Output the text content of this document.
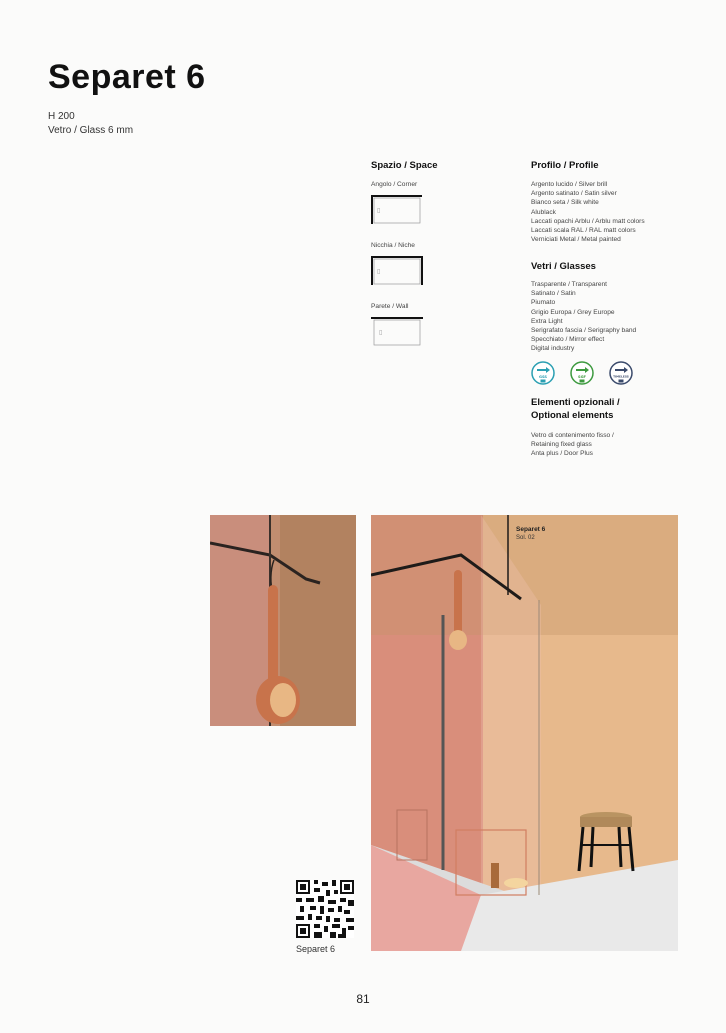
Separet 6
H 200
Vetro / Glass 6 mm
Spazio / Space
Angolo / Corner
▯
Nicchia / Niche
▯
Parete / Wall
▯
Profilo / Profile
Argento lucido / Silver brill
Argento satinato / Satin silver
Bianco seta / Silk white
Alublack
Laccati opachi Arblu / Arblu matt colors
Laccati scala RAL / RAL matt colors
Verniciati Metal / Metal painted
Vetri / Glasses
Trasparente / Transparent
Satinato / Satin
Piumato
Grigio Europa / Grey Europe
Extra Light
Serigrafato fascia / Serigraphy band
Specchiato / Mirror effect
Digital industry
GSS	SGF	TIMELESS
Elementi opzionali /
Optional elements
Vetro di contenimento fisso /
Retaining fixed glass
Anta plus / Door Plus
Separet 6
Sol. 02
Separet 6
81
